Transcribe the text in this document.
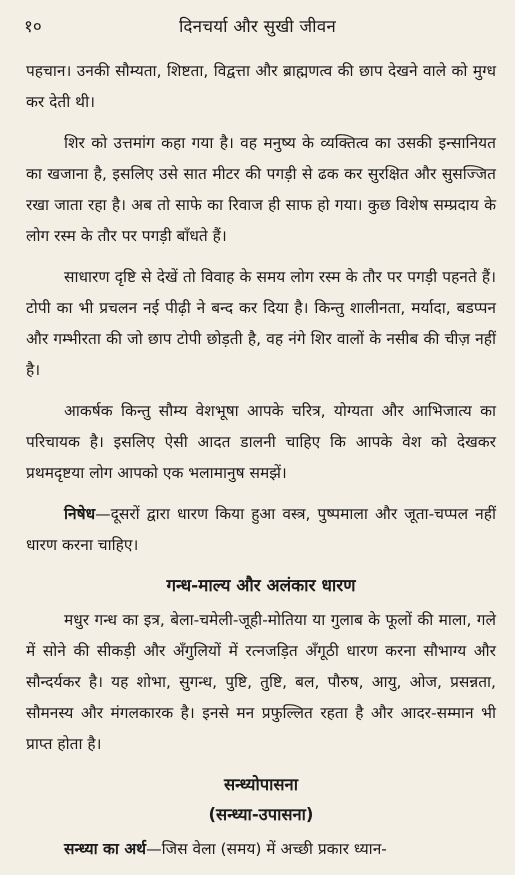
१०	दिनचर्या और सुखी जीवन

पहचान। उनकी सौम्यता, शिष्टता, विद्वत्ता और ब्राह्मणत्व की छाप देखने वाले को मुग्ध कर देती थी।

शिर को उत्तमांग कहा गया है। वह मनुष्य के व्यक्तित्व का उसकी इन्सानियत का खजाना है, इसलिए उसे सात मीटर की पगड़ी से ढक कर सुरक्षित और सुसज्जित रखा जाता रहा है। अब तो साफे का रिवाज ही साफ हो गया। कुछ विशेष सम्प्रदाय के लोग रस्म के तौर पर पगड़ी बाँधते हैं।

साधारण दृष्टि से देखें तो विवाह के समय लोग रस्म के तौर पर पगड़ी पहनते हैं। टोपी का भी प्रचलन नई पीढ़ी ने बन्द कर दिया है। किन्तु शालीनता, मर्यादा, बडप्पन और गम्भीरता की जो छाप टोपी छोड़ती है, वह नंगे शिर वालों के नसीब की चीज़ नहीं है।

आकर्षक किन्तु सौम्य वेशभूषा आपके चरित्र, योग्यता और आभिजात्य का परिचायक है। इसलिए ऐसी आदत डालनी चाहिए कि आपके वेश को देखकर प्रथमदृष्टया लोग आपको एक भलामानुष समझें।

निषेध—दूसरों द्वारा धारण किया हुआ वस्त्र, पुष्पमाला और जूता-चप्पल नहीं धारण करना चाहिए।

गन्ध-माल्य और अलंकार धारण

मधुर गन्ध का इत्र, बेला-चमेली-जूही-मोतिया या गुलाब के फूलों की माला, गले में सोने की सीकड़ी और अँगुलियों में रत्नजड़ित अँगूठी धारण करना सौभाग्य और सौन्दर्यकर है। यह शोभा, सुगन्ध, पुष्टि, तुष्टि, बल, पौरुष, आयु, ओज, प्रसन्नता, सौमनस्य और मंगलकारक है। इनसे मन प्रफुल्लित रहता है और आदर-सम्मान भी प्राप्त होता है।

सन्ध्योपासना
(सन्ध्या-उपासना)

सन्ध्या का अर्थ—जिस वेला (समय) में अच्छी प्रकार ध्यान-
